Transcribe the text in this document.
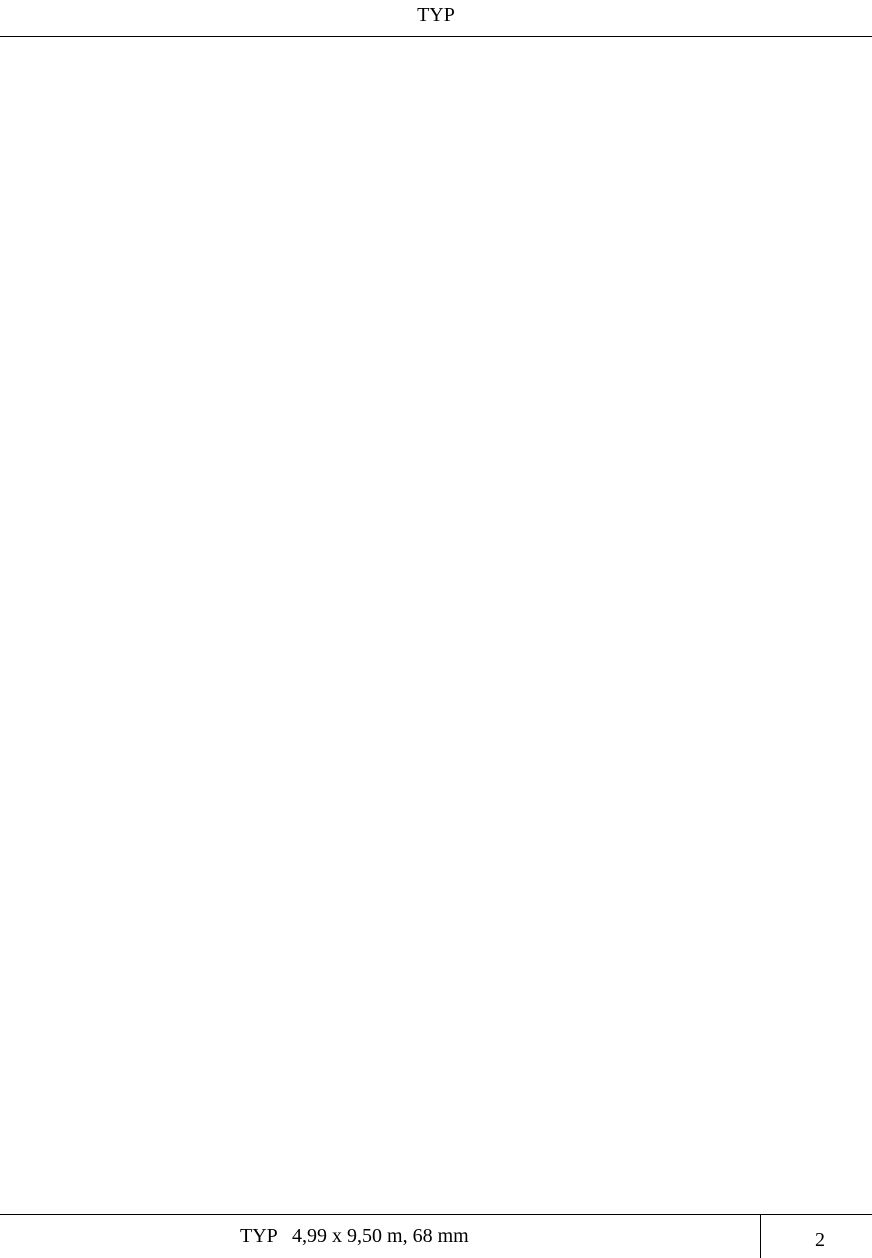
TYP
TYP   4,99 x 9,50 m, 68 mm	2
